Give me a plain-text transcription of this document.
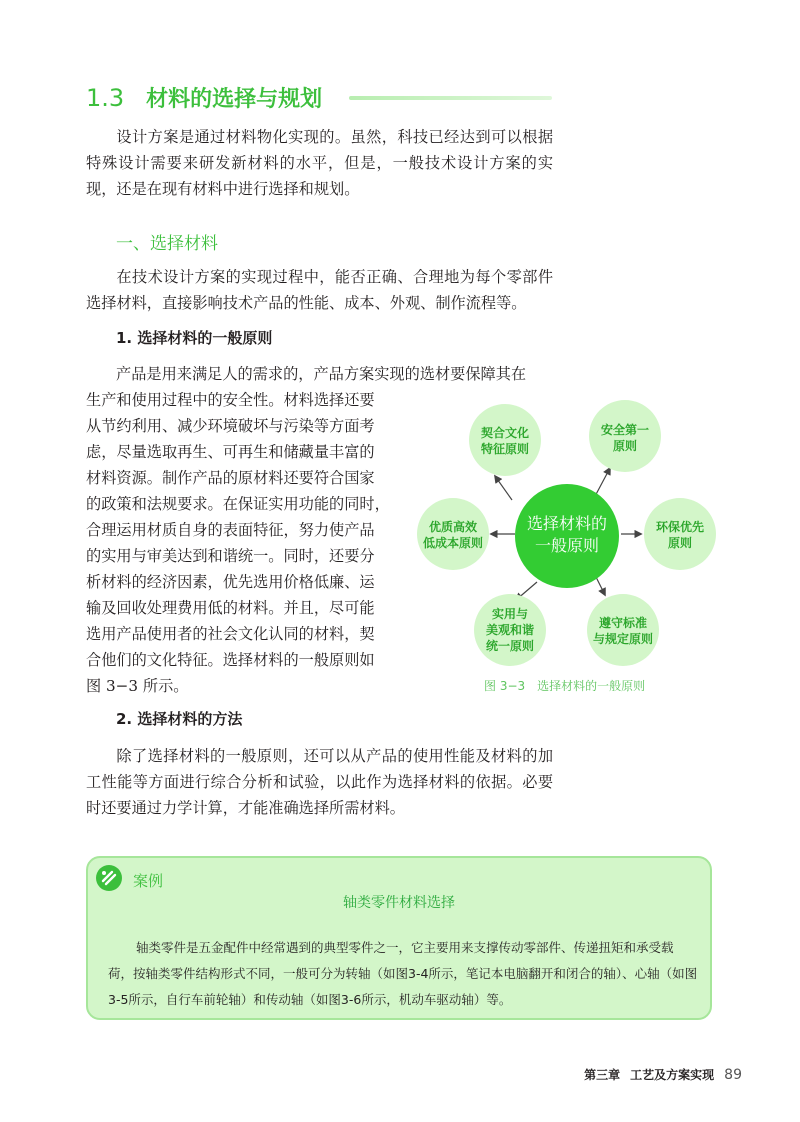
1.3 材料的选择与规划
设计方案是通过材料物化实现的。虽然，科技已经达到可以根据特殊设计需要来研发新材料的水平，但是，一般技术设计方案的实现，还是在现有材料中进行选择和规划。
一、选择材料
在技术设计方案的实现过程中，能否正确、合理地为每个零部件选择材料，直接影响技术产品的性能、成本、外观、制作流程等。
1. 选择材料的一般原则
产品是用来满足人的需求的，产品方案实现的选材要保障其在
生产和使用过程中的安全性。材料选择还要
从节约利用、减少环境破坏与污染等方面考
虑，尽量选取再生、可再生和储藏量丰富的
材料资源。制作产品的原材料还要符合国家
的政策和法规要求。在保证实用功能的同时，
合理运用材质自身的表面特征，努力使产品
的实用与审美达到和谐统一。同时，还要分
析材料的经济因素，优先选用价格低廉、运
输及回收处理费用低的材料。并且，尽可能
选用产品使用者的社会文化认同的材料，契
合他们的文化特征。选择材料的一般原则如
图 3−3 所示。
契合文化
特征原则
安全第一
原则
环保优先
原则
遵守标准
与规定原则
实用与
美观和谐
统一原则
优质高效
低成本原则
选择材料的
一般原则
图 3−3　选择材料的一般原则
2. 选择材料的方法
除了选择材料的一般原则，还可以从产品的使用性能及材料的加工性能等方面进行综合分析和试验，以此作为选择材料的依据。必要时还要通过力学计算，才能准确选择所需材料。
案例
轴类零件材料选择
轴类零件是五金配件中经常遇到的典型零件之一，它主要用来支撑传动零部件、传递扭矩和承受载荷，按轴类零件结构形式不同，一般可分为转轴（如图3-4所示，笔记本电脑翻开和闭合的轴）、心轴（如图3-5所示，自行车前轮轴）和传动轴（如图3-6所示，机动车驱动轴）等。
第三章 工艺及方案实现 89
